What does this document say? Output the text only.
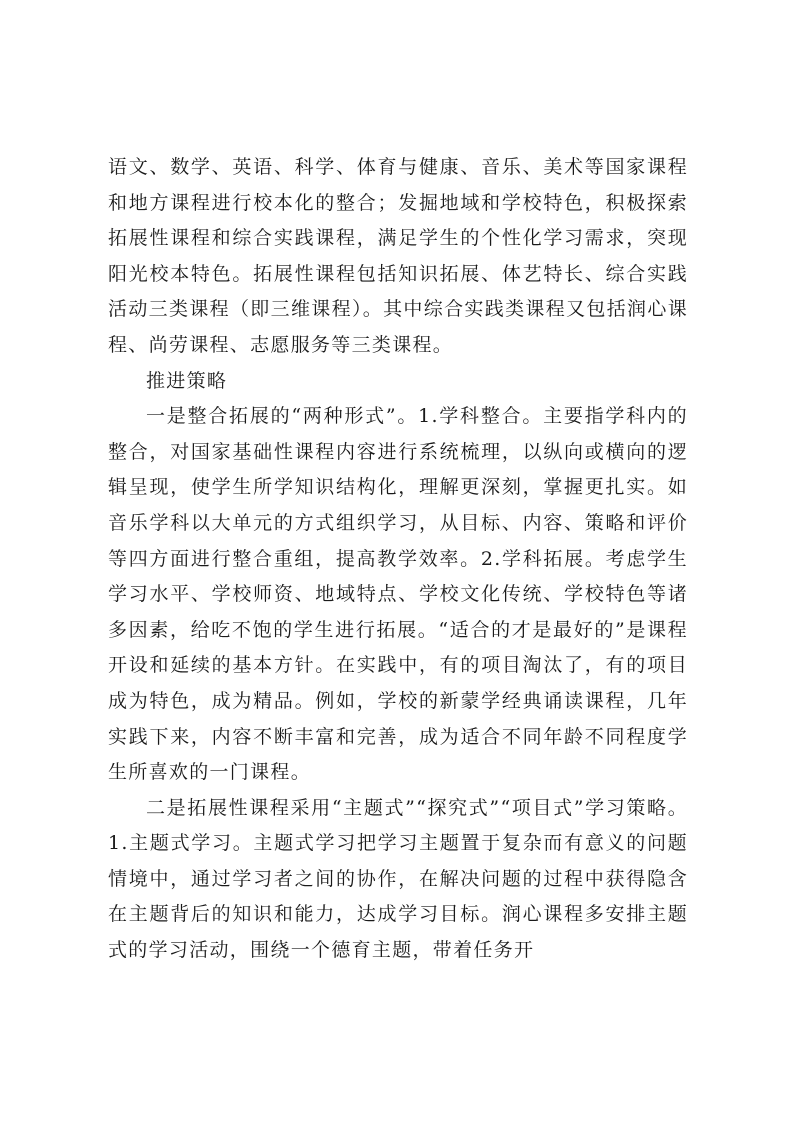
语文、数学、英语、科学、体育与健康、音乐、美术等国家课程和地方课程进行校本化的整合；发掘地域和学校特色，积极探索拓展性课程和综合实践课程，满足学生的个性化学习需求，突现阳光校本特色。拓展性课程包括知识拓展、体艺特长、综合实践活动三类课程（即三维课程）。其中综合实践类课程又包括润心课程、尚劳课程、志愿服务等三类课程。

推进策略

一是整合拓展的“两种形式”。1.学科整合。主要指学科内的整合，对国家基础性课程内容进行系统梳理，以纵向或横向的逻辑呈现，使学生所学知识结构化，理解更深刻，掌握更扎实。如音乐学科以大单元的方式组织学习，从目标、内容、策略和评价等四方面进行整合重组，提高教学效率。2.学科拓展。考虑学生学习水平、学校师资、地域特点、学校文化传统、学校特色等诸多因素，给吃不饱的学生进行拓展。“适合的才是最好的”是课程开设和延续的基本方针。在实践中，有的项目淘汰了，有的项目成为特色，成为精品。例如，学校的新蒙学经典诵读课程，几年实践下来，内容不断丰富和完善，成为适合不同年龄不同程度学生所喜欢的一门课程。

二是拓展性课程采用“主题式”“探究式”“项目式”学习策略。1.主题式学习。主题式学习把学习主题置于复杂而有意义的问题情境中，通过学习者之间的协作，在解决问题的过程中获得隐含在主题背后的知识和能力，达成学习目标。润心课程多安排主题式的学习活动，围绕一个德育主题，带着任务开
